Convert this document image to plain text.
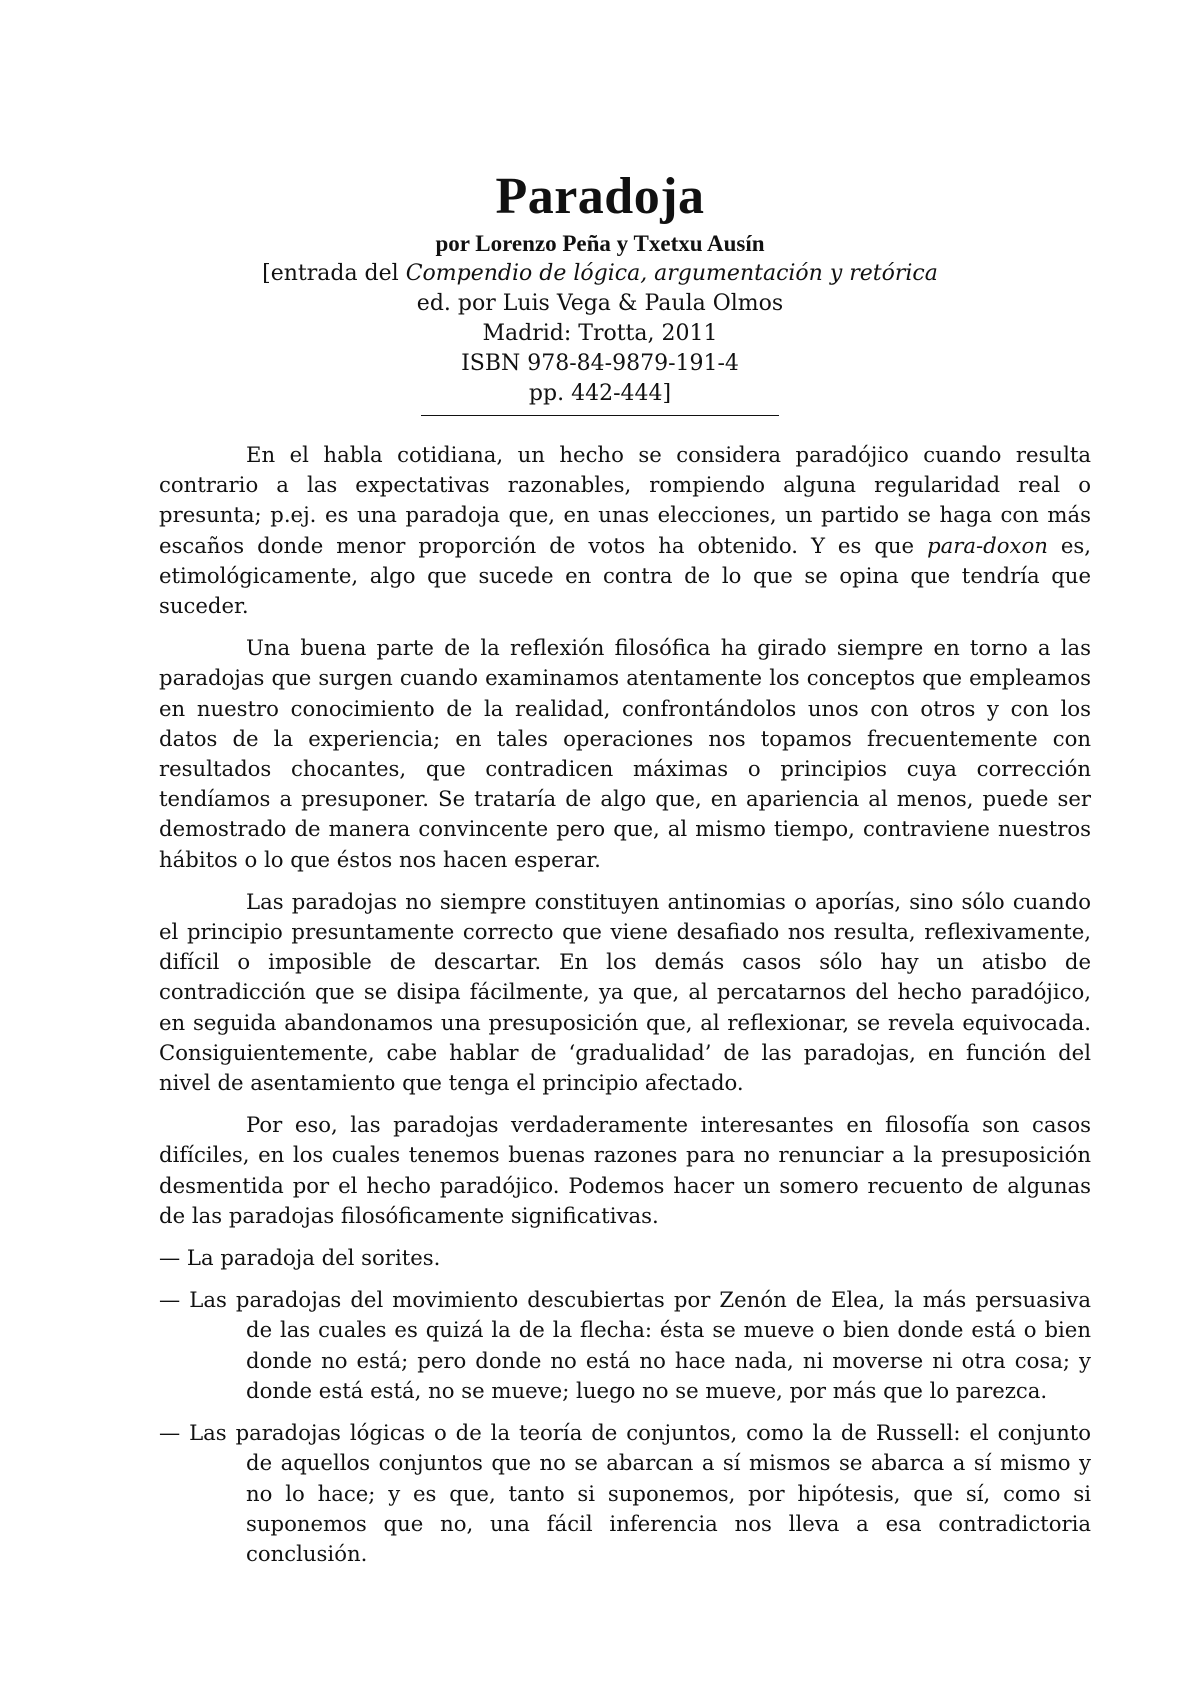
Paradoja
por Lorenzo Peña y Txetxu Ausín
[entrada del Compendio de lógica, argumentación y retórica
ed. por Luis Vega & Paula Olmos
Madrid: Trotta, 2011
ISBN 978-84-9879-191-4
pp. 442-444]

En el habla cotidiana, un hecho se considera paradójico cuando resulta contrario a las expectativas razonables, rompiendo alguna regularidad real o presunta; p.ej. es una paradoja que, en unas elecciones, un partido se haga con más escaños donde menor proporción de votos ha obtenido. Y es que para-doxon es, etimológicamente, algo que sucede en contra de lo que se opina que tendría que suceder.

Una buena parte de la reflexión filosófica ha girado siempre en torno a las paradojas que surgen cuando examinamos atentamente los conceptos que empleamos en nuestro conocimiento de la realidad, confrontándolos unos con otros y con los datos de la experiencia; en tales operaciones nos topamos frecuentemente con resultados chocantes, que contradicen máximas o principios cuya corrección tendíamos a presuponer. Se trataría de algo que, en apariencia al menos, puede ser demostrado de manera convincente pero que, al mismo tiempo, contraviene nuestros hábitos o lo que éstos nos hacen esperar.

Las paradojas no siempre constituyen antinomias o aporías, sino sólo cuando el principio presuntamente correcto que viene desafiado nos resulta, reflexivamente, difícil o imposible de descartar. En los demás casos sólo hay un atisbo de contradicción que se disipa fácilmente, ya que, al percatarnos del hecho paradójico, en seguida abandonamos una presuposición que, al reflexionar, se revela equivocada. Consiguientemente, cabe hablar de ‘gradualidad’ de las paradojas, en función del nivel de asentamiento que tenga el principio afectado.

Por eso, las paradojas verdaderamente interesantes en filosofía son casos difíciles, en los cuales tenemos buenas razones para no renunciar a la presuposición desmentida por el hecho paradójico. Podemos hacer un somero recuento de algunas de las paradojas filosóficamente significativas.

— La paradoja del sorites.
— Las paradojas del movimiento descubiertas por Zenón de Elea, la más persuasiva de las cuales es quizá la de la flecha: ésta se mueve o bien donde está o bien donde no está; pero donde no está no hace nada, ni moverse ni otra cosa; y donde está está, no se mueve; luego no se mueve, por más que lo parezca.
— Las paradojas lógicas o de la teoría de conjuntos, como la de Russell: el conjunto de aquellos conjuntos que no se abarcan a sí mismos se abarca a sí mismo y no lo hace; y es que, tanto si suponemos, por hipótesis, que sí, como si suponemos que no, una fácil inferencia nos lleva a esa contradictoria conclusión.
